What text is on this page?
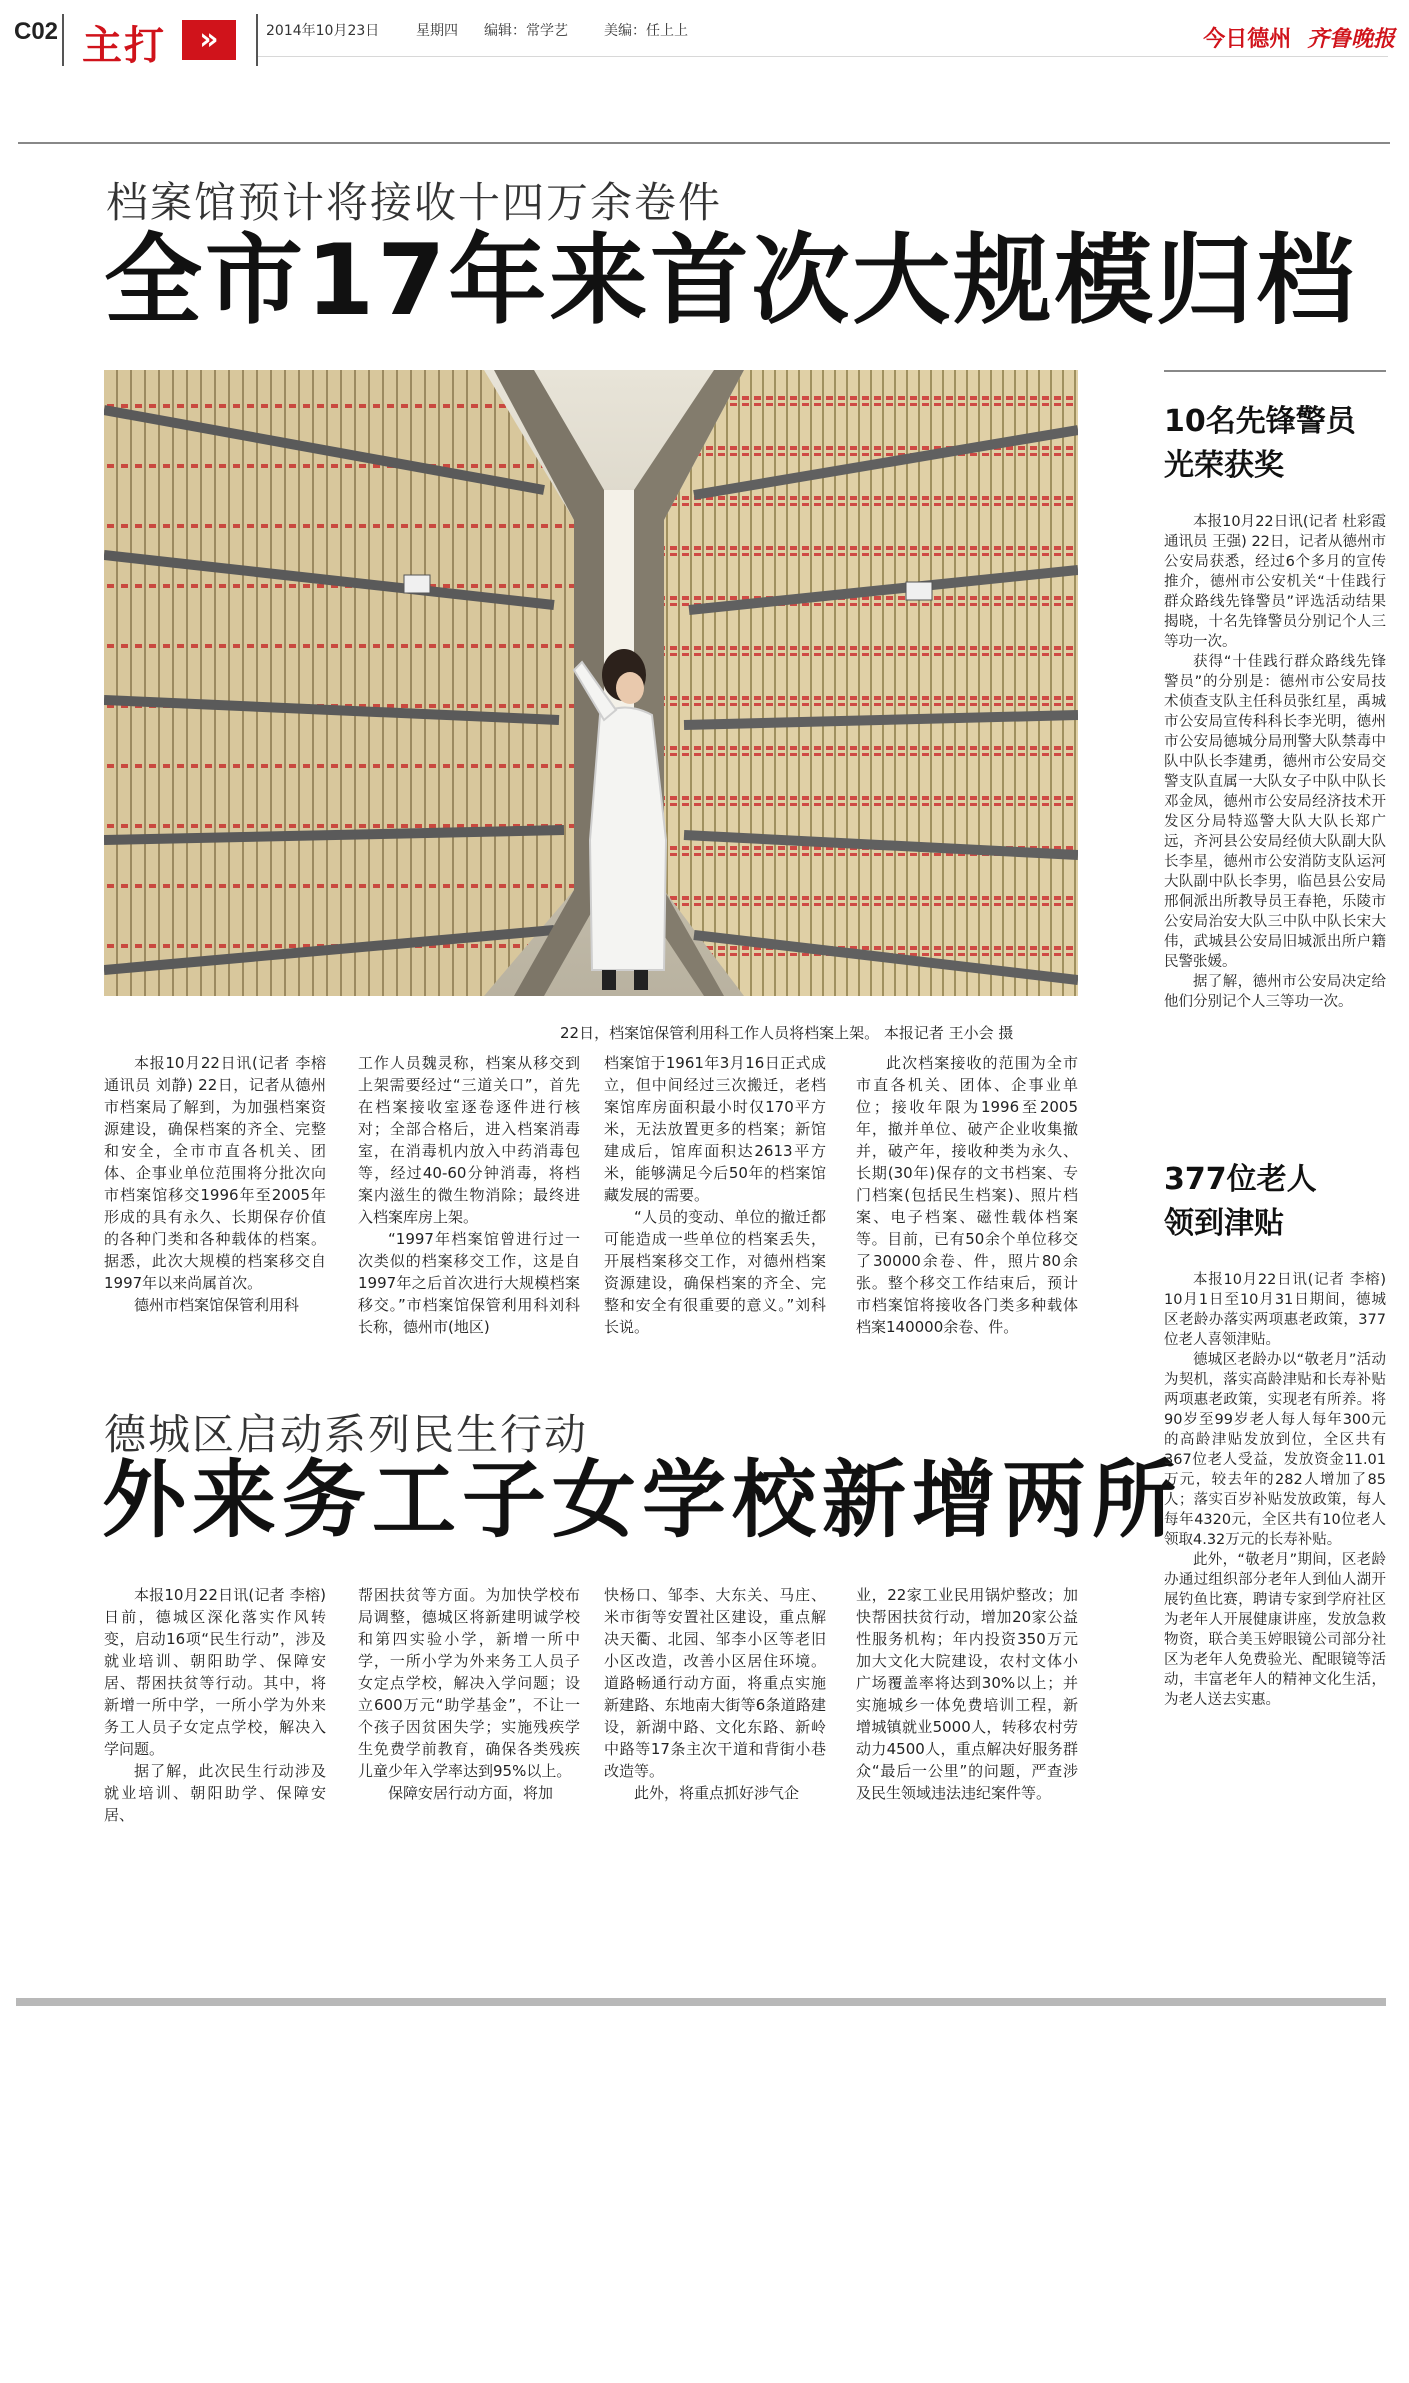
C02 主打	»	2014年10月23日	星期四 编辑：常学艺	美编：任上上	今日德州 齐鲁晚报
档案馆预计将接收十四万余卷件
全市17年来首次大规模归档
22日，档案馆保管利用科工作人员将档案上架。 本报记者 王小会 摄

本报10月22日讯(记者 李榕 通讯员 刘静) 22日，记者从德州市档案局了解到，为加强档案资源建设，确保档案的齐全、完整和安全，全市市直各机关、团体、企事业单位范围将分批次向市档案馆移交1996年至2005年形成的具有永久、长期保存价值的各种门类和各种载体的档案。据悉，此次大规模的档案移交自1997年以来尚属首次。

德州市档案馆保管利用科

工作人员魏灵称，档案从移交到上架需要经过“三道关口”，首先在档案接收室逐卷逐件进行核对；全部合格后，进入档案消毒室，在消毒机内放入中药消毒包等，经过40-60分钟消毒，将档案内滋生的微生物消除；最终进入档案库房上架。

“1997年档案馆曾进行过一次类似的档案移交工作，这是自1997年之后首次进行大规模档案移交。”市档案馆保管利用科刘科长称，德州市(地区)

档案馆于1961年3月16日正式成立，但中间经过三次搬迁，老档案馆库房面积最小时仅170平方米，无法放置更多的档案；新馆建成后，馆库面积达2613平方米，能够满足今后50年的档案馆藏发展的需要。

“人员的变动、单位的撤迁都可能造成一些单位的档案丢失，开展档案移交工作，对德州档案资源建设，确保档案的齐全、完整和安全有很重要的意义。”刘科长说。

此次档案接收的范围为全市市直各机关、团体、企事业单位；接收年限为1996至2005年，撤并单位、破产企业收集撤并，破产年，接收种类为永久、长期(30年)保存的文书档案、专门档案(包括民生档案)、照片档案、电子档案、磁性载体档案等。目前，已有50余个单位移交了30000余卷、件，照片80余张。整个移交工作结束后，预计市档案馆将接收各门类多种载体档案140000余卷、件。

德城区启动系列民生行动
外来务工子女学校新增两所

本报10月22日讯(记者 李榕) 日前，德城区深化落实作风转变，启动16项“民生行动”，涉及就业培训、朝阳助学、保障安居、帮困扶贫等行动。其中，将新增一所中学，一所小学为外来务工人员子女定点学校，解决入学问题。

据了解，此次民生行动涉及就业培训、朝阳助学、保障安居、

帮困扶贫等方面。为加快学校布局调整，德城区将新建明诚学校和第四实验小学，新增一所中学，一所小学为外来务工人员子女定点学校，解决入学问题；设立600万元“助学基金”，不让一个孩子因贫困失学；实施残疾学生免费学前教育，确保各类残疾儿童少年入学率达到95%以上。

保障安居行动方面，将加

快杨口、邹李、大东关、马庄、米市街等安置社区建设，重点解决天衢、北园、邹李小区等老旧小区改造，改善小区居住环境。道路畅通行动方面，将重点实施新建路、东地南大街等6条道路建设，新湖中路、文化东路、新岭中路等17条主次干道和背街小巷改造等。

此外，将重点抓好涉气企

业，22家工业民用锅炉整改；加快帮困扶贫行动，增加20家公益性服务机构；年内投资350万元加大文化大院建设，农村文体小广场覆盖率将达到30%以上；并实施城乡一体免费培训工程，新增城镇就业5000人，转移农村劳动力4500人，重点解决好服务群众“最后一公里”的问题，严查涉及民生领域违法违纪案件等。

10名先锋警员
光荣获奖

本报10月22日讯(记者 杜彩霞 通讯员 王强) 22日，记者从德州市公安局获悉，经过6个多月的宣传推介，德州市公安机关“十佳践行群众路线先锋警员”评选活动结果揭晓，十名先锋警员分别记个人三等功一次。

获得“十佳践行群众路线先锋警员”的分别是：德州市公安局技术侦查支队主任科员张红星，禹城市公安局宣传科科长李光明，德州市公安局德城分局刑警大队禁毒中队中队长李建勇，德州市公安局交警支队直属一大队女子中队中队长邓金凤，德州市公安局经济技术开发区分局特巡警大队大队长郑广远，齐河县公安局经侦大队副大队长李星，德州市公安消防支队运河大队副中队长李男，临邑县公安局邢侗派出所教导员王春艳，乐陵市公安局治安大队三中队中队长宋大伟，武城县公安局旧城派出所户籍民警张媛。

据了解，德州市公安局决定给他们分别记个人三等功一次。

377位老人
领到津贴

本报10月22日讯(记者 李榕) 10月1日至10月31日期间，德城区老龄办落实两项惠老政策，377位老人喜领津贴。

德城区老龄办以“敬老月”活动为契机，落实高龄津贴和长寿补贴两项惠老政策，实现老有所养。将90岁至99岁老人每人每年300元的高龄津贴发放到位，全区共有367位老人受益，发放资金11.01万元，较去年的282人增加了85人；落实百岁补贴发放政策，每人每年4320元，全区共有10位老人领取4.32万元的长寿补贴。

此外，“敬老月”期间，区老龄办通过组织部分老年人到仙人湖开展钓鱼比赛，聘请专家到学府社区为老年人开展健康讲座，发放急救物资，联合美玉婷眼镜公司部分社区为老年人免费验光、配眼镜等活动，丰富老年人的精神文化生活，为老人送去实惠。
